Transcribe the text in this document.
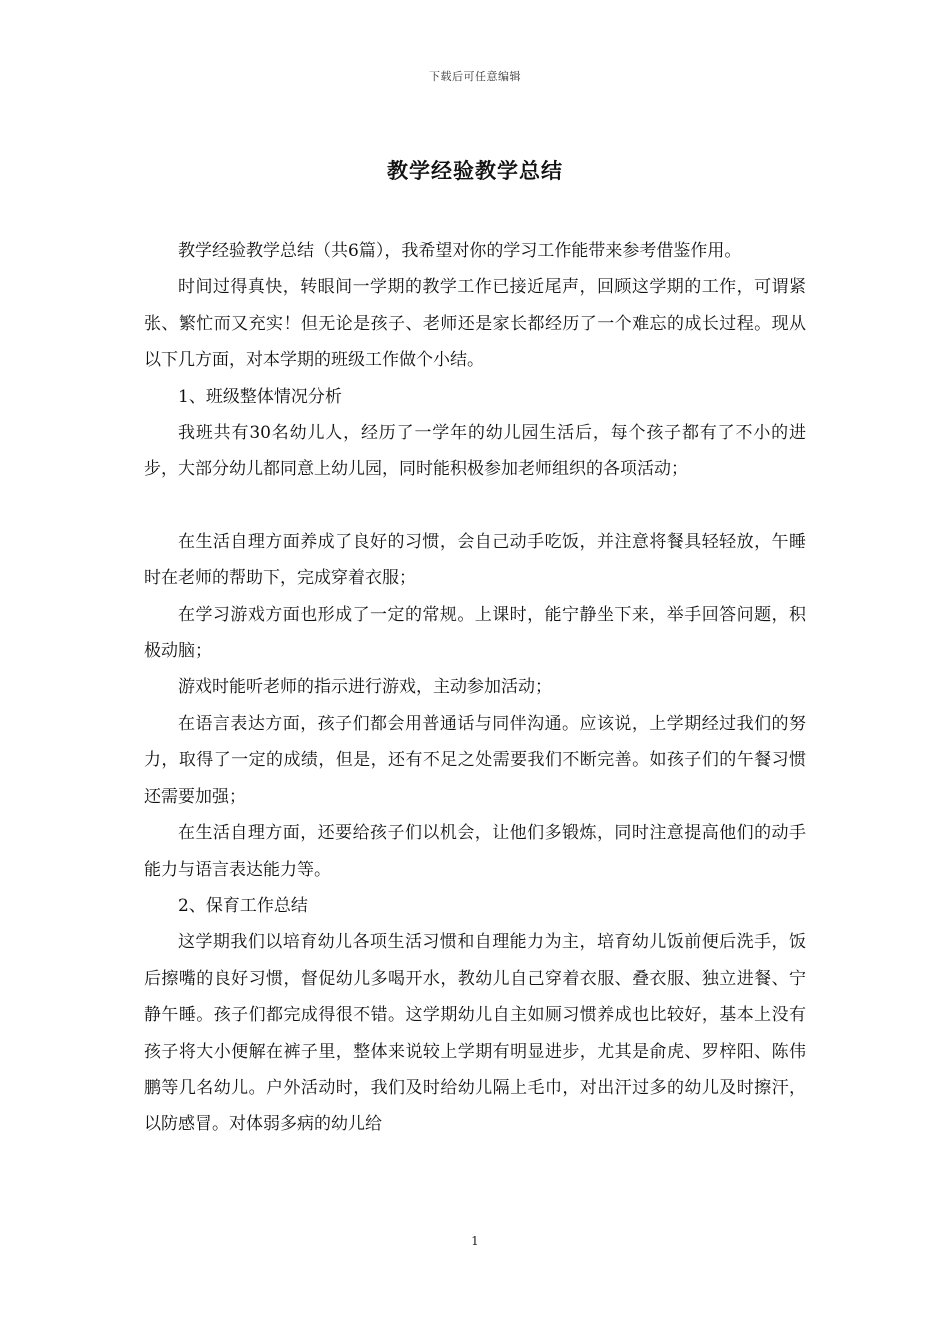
下载后可任意编辑
教学经验教学总结

教学经验教学总结（共6篇），我希望对你的学习工作能带来参考借鉴作用。

时间过得真快，转眼间一学期的教学工作已接近尾声，回顾这学期的工作，可谓紧张、繁忙而又充实！但无论是孩子、老师还是家长都经历了一个难忘的成长过程。现从以下几方面，对本学期的班级工作做个小结。

1、班级整体情况分析

我班共有30名幼儿人，经历了一学年的幼儿园生活后，每个孩子都有了不小的进步，大部分幼儿都同意上幼儿园，同时能积极参加老师组织的各项活动；

在生活自理方面养成了良好的习惯，会自己动手吃饭，并注意将餐具轻轻放，午睡时在老师的帮助下，完成穿着衣服；

在学习游戏方面也形成了一定的常规。上课时，能宁静坐下来，举手回答问题，积极动脑；

游戏时能听老师的指示进行游戏，主动参加活动；

在语言表达方面，孩子们都会用普通话与同伴沟通。应该说，上学期经过我们的努力，取得了一定的成绩，但是，还有不足之处需要我们不断完善。如孩子们的午餐习惯还需要加强；

在生活自理方面，还要给孩子们以机会，让他们多锻炼，同时注意提高他们的动手能力与语言表达能力等。

2、保育工作总结

这学期我们以培育幼儿各项生活习惯和自理能力为主，培育幼儿饭前便后洗手，饭后擦嘴的良好习惯，督促幼儿多喝开水，教幼儿自己穿着衣服、叠衣服、独立进餐、宁静午睡。孩子们都完成得很不错。这学期幼儿自主如厕习惯养成也比较好，基本上没有孩子将大小便解在裤子里，整体来说较上学期有明显进步，尤其是俞虎、罗梓阳、陈伟鹏等几名幼儿。户外活动时，我们及时给幼儿隔上毛巾，对出汗过多的幼儿及时擦汗，以防感冒。对体弱多病的幼儿给

1
